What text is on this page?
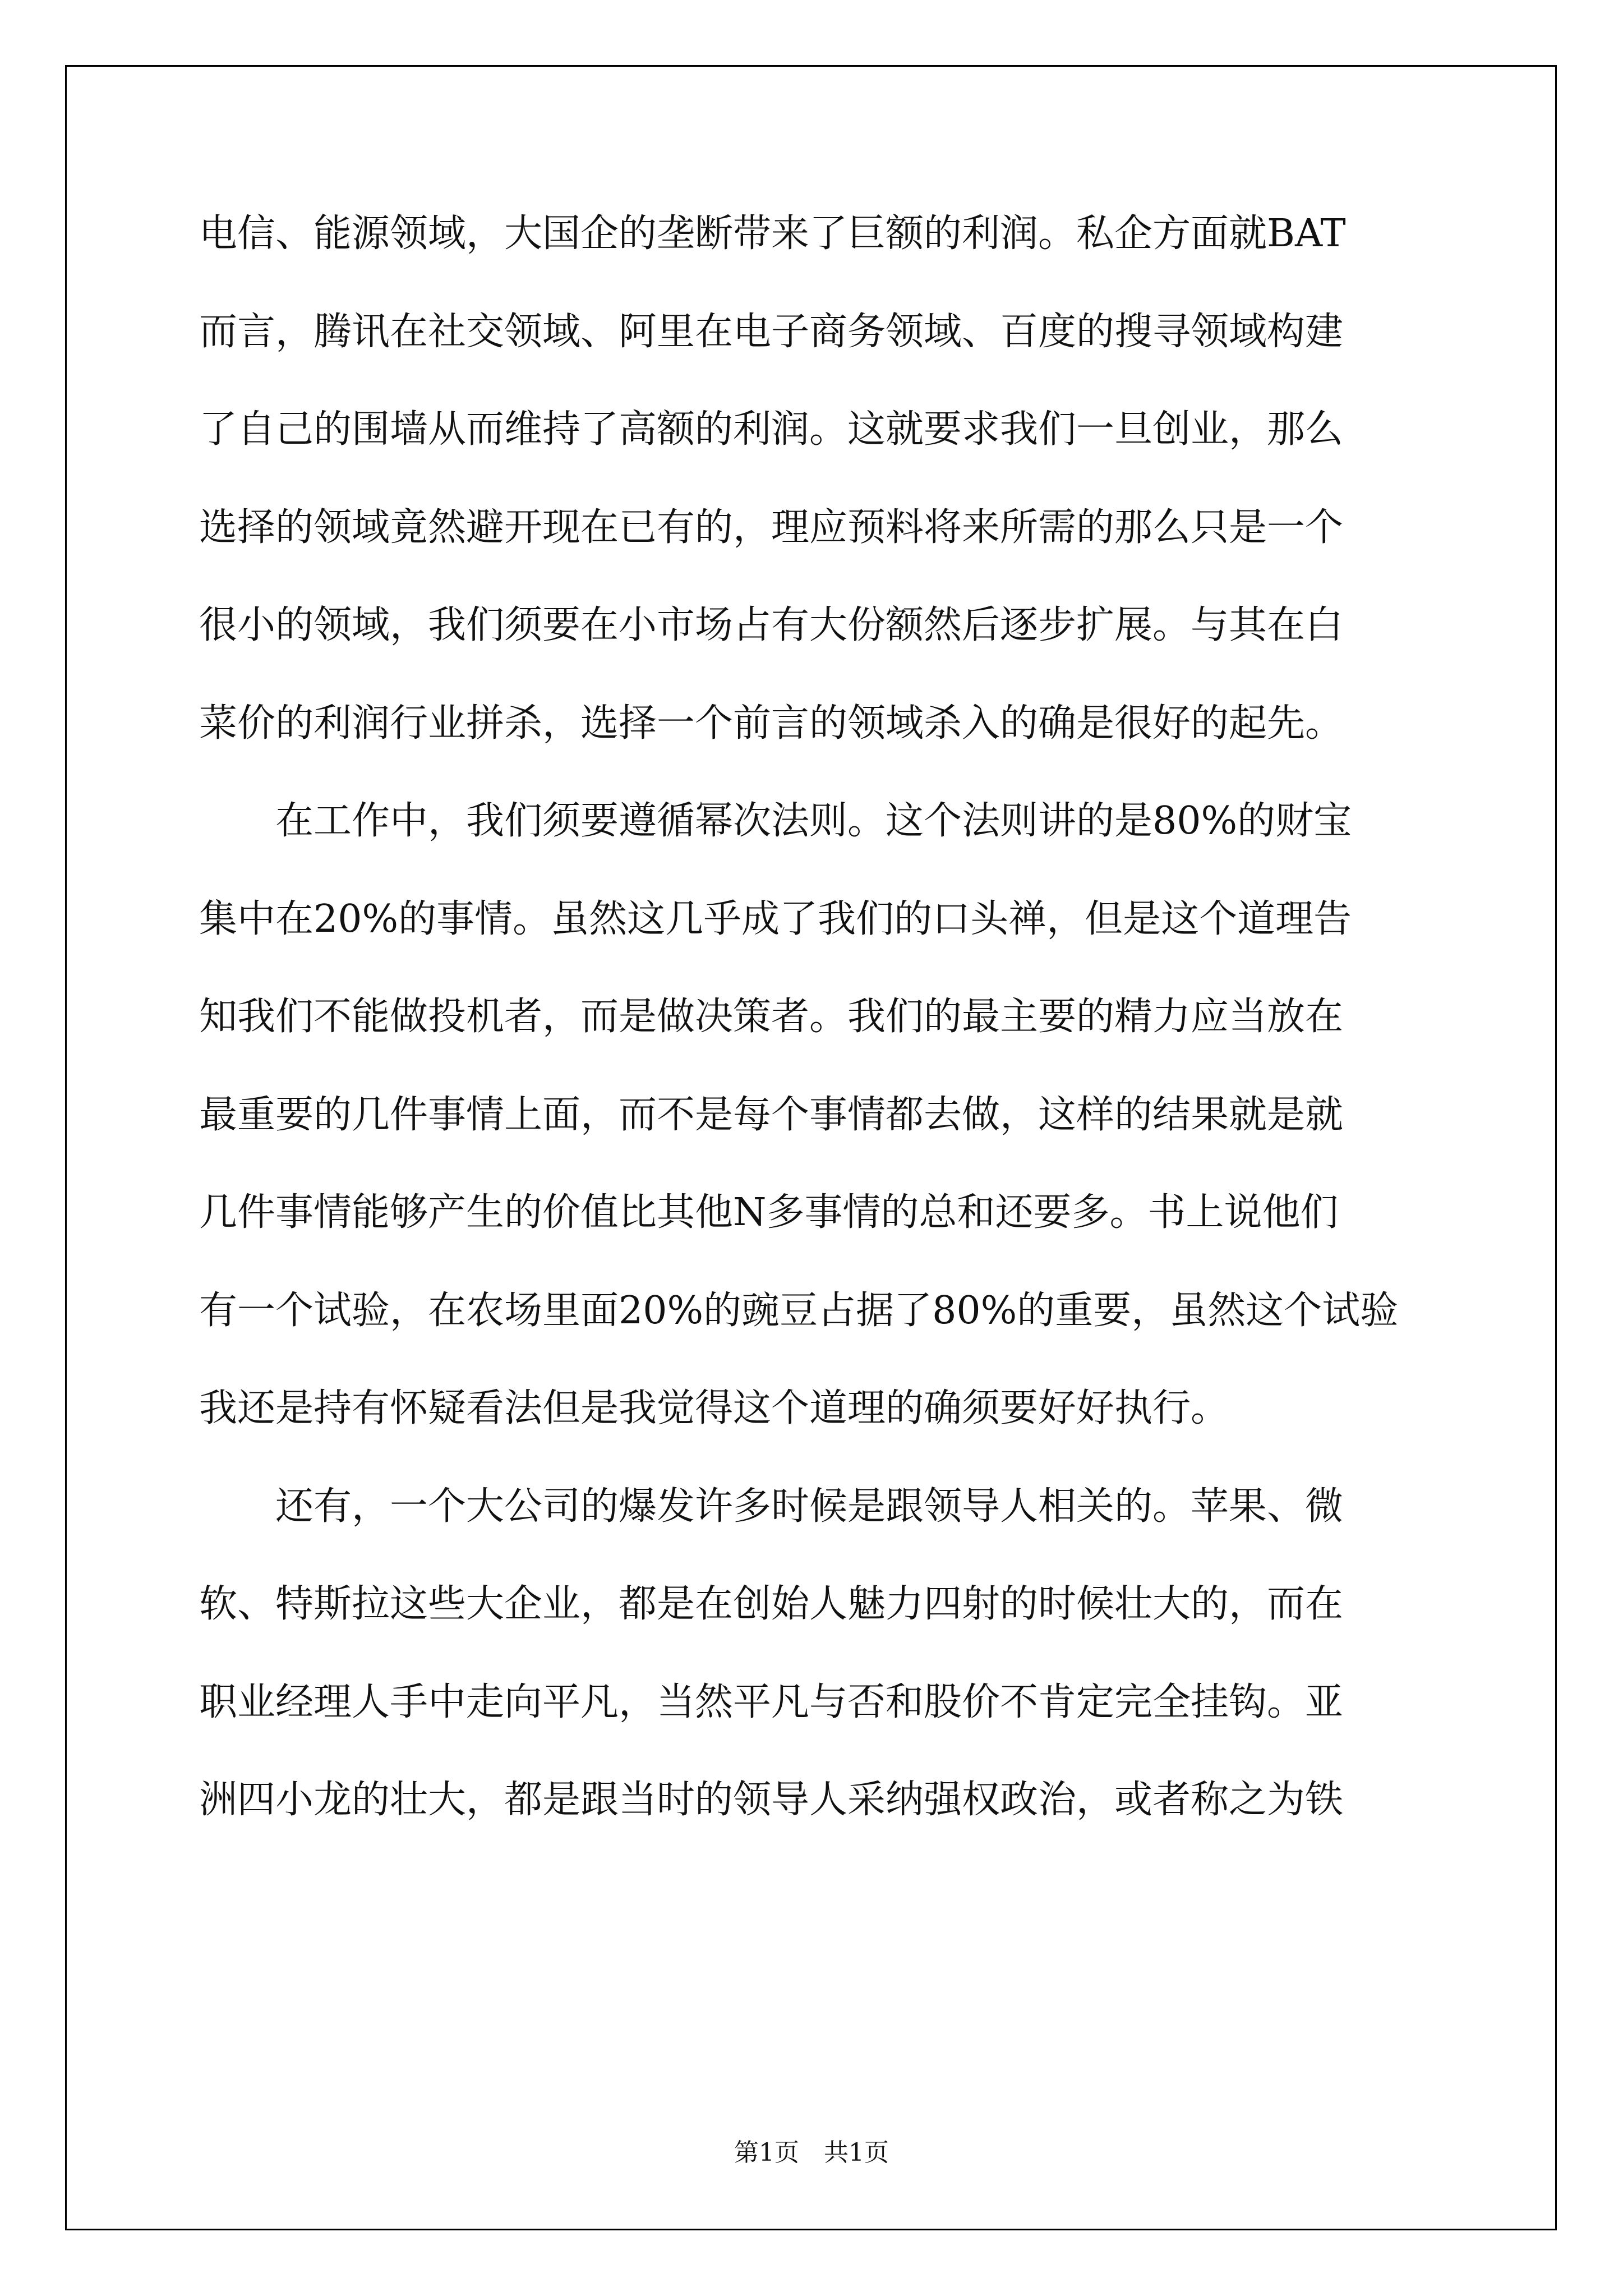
电信、能源领域，大国企的垄断带来了巨额的利润。私企方面就BAT
而言，腾讯在社交领域、阿里在电子商务领域、百度的搜寻领域构建
了自己的围墙从而维持了高额的利润。这就要求我们一旦创业，那么
选择的领域竟然避开现在已有的，理应预料将来所需的那么只是一个
很小的领域，我们须要在小市场占有大份额然后逐步扩展。与其在白
菜价的利润行业拼杀，选择一个前言的领域杀入的确是很好的起先。
　　在工作中，我们须要遵循幂次法则。这个法则讲的是80%的财宝
集中在20%的事情。虽然这几乎成了我们的口头禅，但是这个道理告
知我们不能做投机者，而是做决策者。我们的最主要的精力应当放在
最重要的几件事情上面，而不是每个事情都去做，这样的结果就是就
几件事情能够产生的价值比其他N多事情的总和还要多。书上说他们
有一个试验，在农场里面20%的豌豆占据了80%的重要，虽然这个试验
我还是持有怀疑看法但是我觉得这个道理的确须要好好执行。
　　还有，一个大公司的爆发许多时候是跟领导人相关的。苹果、微
软、特斯拉这些大企业，都是在创始人魅力四射的时候壮大的，而在
职业经理人手中走向平凡，当然平凡与否和股价不肯定完全挂钩。亚
洲四小龙的壮大，都是跟当时的领导人采纳强权政治，或者称之为铁
第1页　共1页
